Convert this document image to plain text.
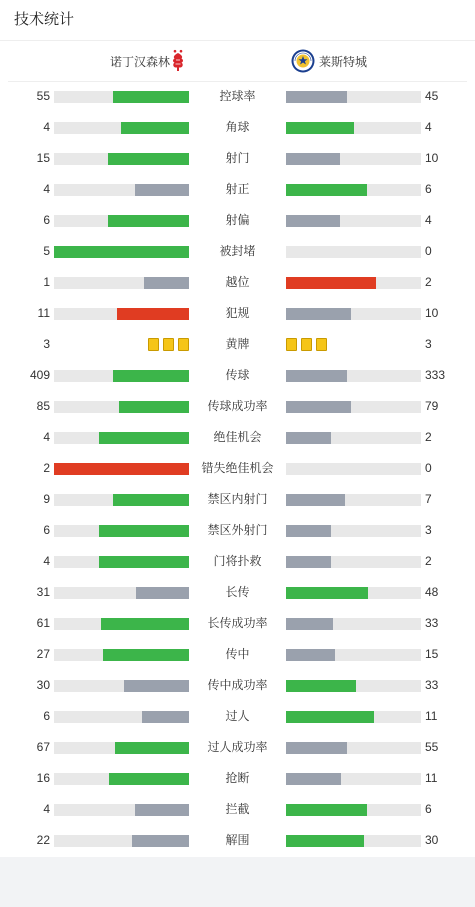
技术统计
诺丁汉森林	莱斯特城
55	控球率	45
4	角球	4
15	射门	10
4	射正	6
6	射偏	4
5	被封堵	0
1	越位	2
11	犯规	10
3	黄牌	3
409	传球	333
85	传球成功率	79
4	绝佳机会	2
2	错失绝佳机会	0
9	禁区内射门	7
6	禁区外射门	3
4	门将扑救	2
31	长传	48
61	长传成功率	33
27	传中	15
30	传中成功率	33
6	过人	11
67	过人成功率	55
16	抢断	11
4	拦截	6
22	解围	30
